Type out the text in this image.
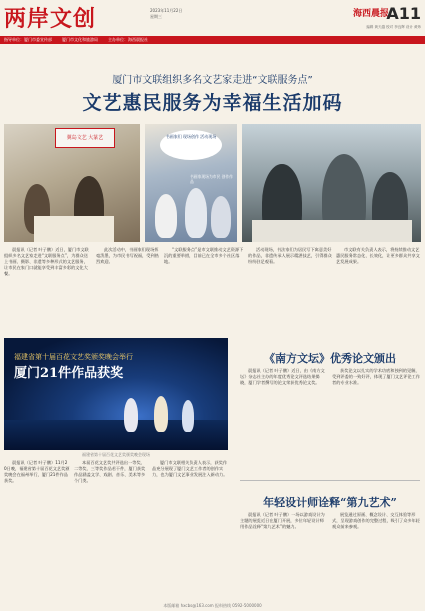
两岸文创	2023年11月22日
星期三	海西晨报
A11
编辑 黄天越 校对 李良辉 设计 黄炜
指导单位：厦门市委宣传部	厦门市文化和旅游局	主办单位：海西晨报社
厦门市文联组织多名文艺家走进“文联服务点”
文艺惠民服务为幸福生活加码
翼岛文艺 大篆艺	书画家们 现场创作 活动现场
书画家现场为市民 创作作品
晨报讯（记者 叶子鹏）近日，厦门市文联组织多名文艺家走进“文联服务点”，为群众送上书画、摄影、非遗等多种形式的文艺服务，让市民在家门口就能享受到丰富多彩的文化大餐。
此次活动中，书画家们现场挥毫泼墨，为市民书写祝福，受到热烈欢迎。
“文联服务点”是市文联推动文艺资源下沉的重要举措，目前已在全市多个社区落地。
活动现场，书法家们为居民写下寓意美好的作品，非遗传承人展示精湛技艺，引得群众纷纷驻足观看。
市文联有关负责人表示，将持续推动文艺惠民服务常态化、长效化，让更多群众共享文艺发展成果。
福建省第十届百花文艺奖颁奖晚会举行
厦门21件作品获奖
福建省第十届百花文艺奖颁奖晚会现场
晨报讯（记者 叶子鹏）11月20日晚，福建省第十届百花文艺奖颁奖晚会在福州举行，厦门21件作品获奖。
本届百花文艺奖共评选出一等奖、二等奖、三等奖作品若干件，厦门获奖作品涵盖文学、戏剧、音乐、美术等多个门类。
厦门市文联相关负责人表示，获奖作品充分展现了厦门文艺工作者的创作实力，也为厦门文艺事业发展注入新动力。
《南方文坛》优秀论文颁出
晨报讯（记者 叶子鹏）近日，由《南方文坛》杂志社主办的年度优秀论文评选结果揭晓，厦门学者撰写的论文荣获优秀论文奖。
获奖论文以扎实的学术功底和独到的见解，受到评委的一致好评，体现了厦门文艺评论工作者的专业水准。
年轻设计师诠释“第九艺术”
晨报讯（记者 叶子鹏）一场以游戏设计为主题的展览近日在厦门开展，多位年轻设计师用作品诠释“第九艺术”的魅力。
展览通过原画、概念设计、交互体验等形式，呈现游戏创作的完整过程，吸引了众多年轻观众前来参观。
本版邮箱 hxcbs@163.com 报料热线 0592-5000000
